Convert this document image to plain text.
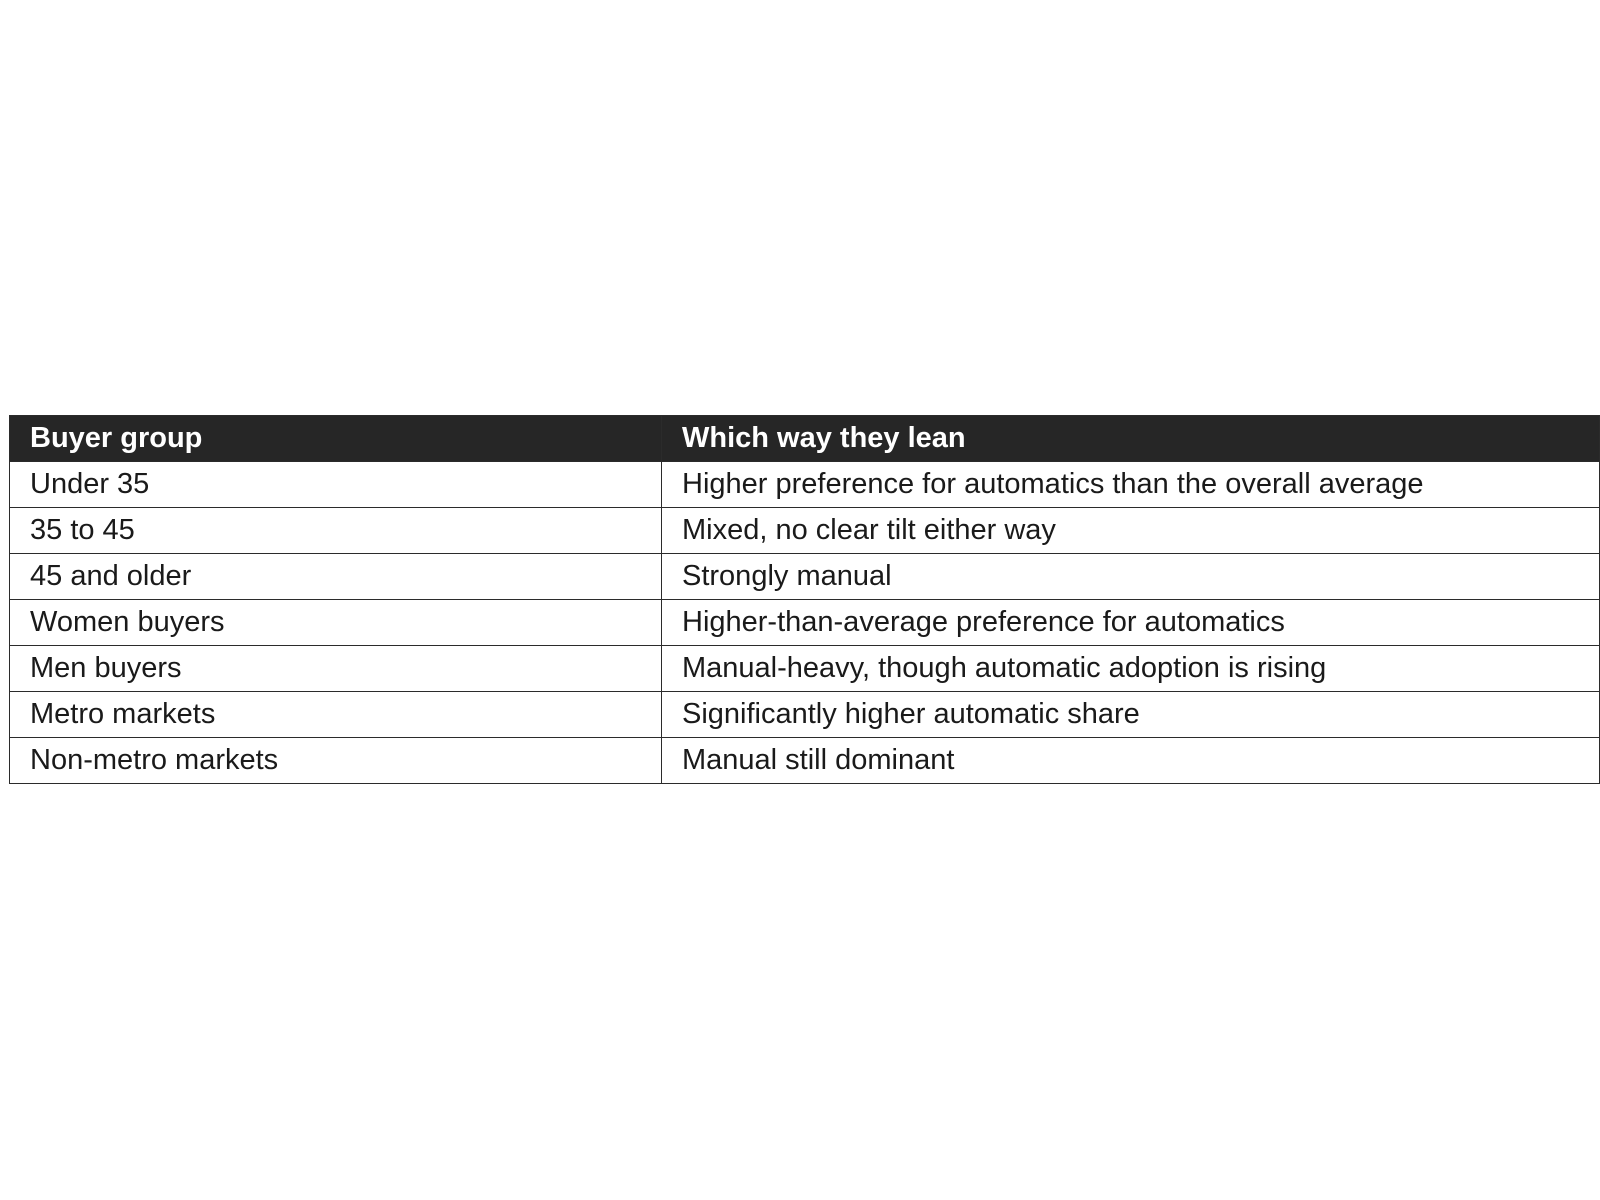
Buyer group	Which way they lean
Under 35	Higher preference for automatics than the overall average
35 to 45	Mixed, no clear tilt either way
45 and older	Strongly manual
Women buyers	Higher-than-average preference for automatics
Men buyers	Manual-heavy, though automatic adoption is rising
Metro markets	Significantly higher automatic share
Non-metro markets	Manual still dominant
